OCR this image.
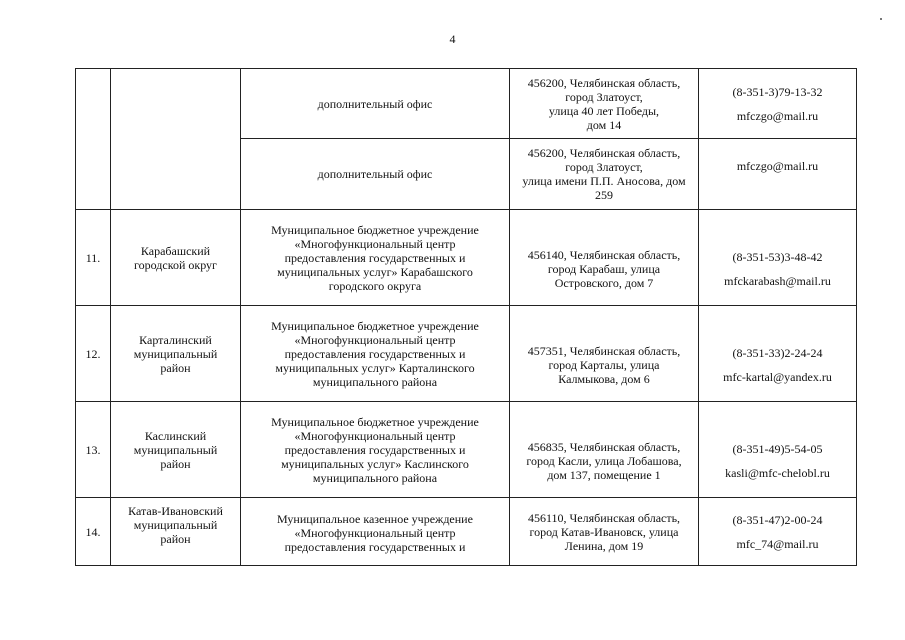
4
		дополнительный офис	456200, Челябинская область,
город Златоуст,
улица 40 лет Победы,
дом 14	(8-351-3)79-13-32
mfczgo@mail.ru

		дополнительный офис	456200, Челябинская область,
город Златоуст,
улица имени П.П. Аносова, дом
259	mfczgo@mail.ru

11.	Карабашский
городской округ	Муниципальное бюджетное учреждение
«Многофункциональный центр
предоставления государственных и
муниципальных услуг» Карабашского
городского округа	456140, Челябинская область,
город Карабаш, улица
Островского, дом 7	(8-351-53)3-48-42
mfckarabash@mail.ru

12.	Карталинский
муниципальный
район	Муниципальное бюджетное учреждение
«Многофункциональный центр
предоставления государственных и
муниципальных услуг» Карталинского
муниципального района	457351, Челябинская область,
город Карталы, улица
Калмыкова, дом 6	(8-351-33)2-24-24
mfc-kartal@yandex.ru

13.	Каслинский
муниципальный
район	Муниципальное бюджетное учреждение
«Многофункциональный центр
предоставления государственных и
муниципальных услуг» Каслинского
муниципального района	456835, Челябинская область,
город Касли, улица Лобашова,
дом 137, помещение 1	(8-351-49)5-54-05
kasli@mfc-chelobl.ru

14.	Катав-Ивановский
муниципальный
район	Муниципальное казенное учреждение
«Многофункциональный центр
предоставления государственных и	456110, Челябинская область,
город Катав-Ивановск, улица
Ленина, дом 19	(8-351-47)2-00-24
mfc_74@mail.ru
